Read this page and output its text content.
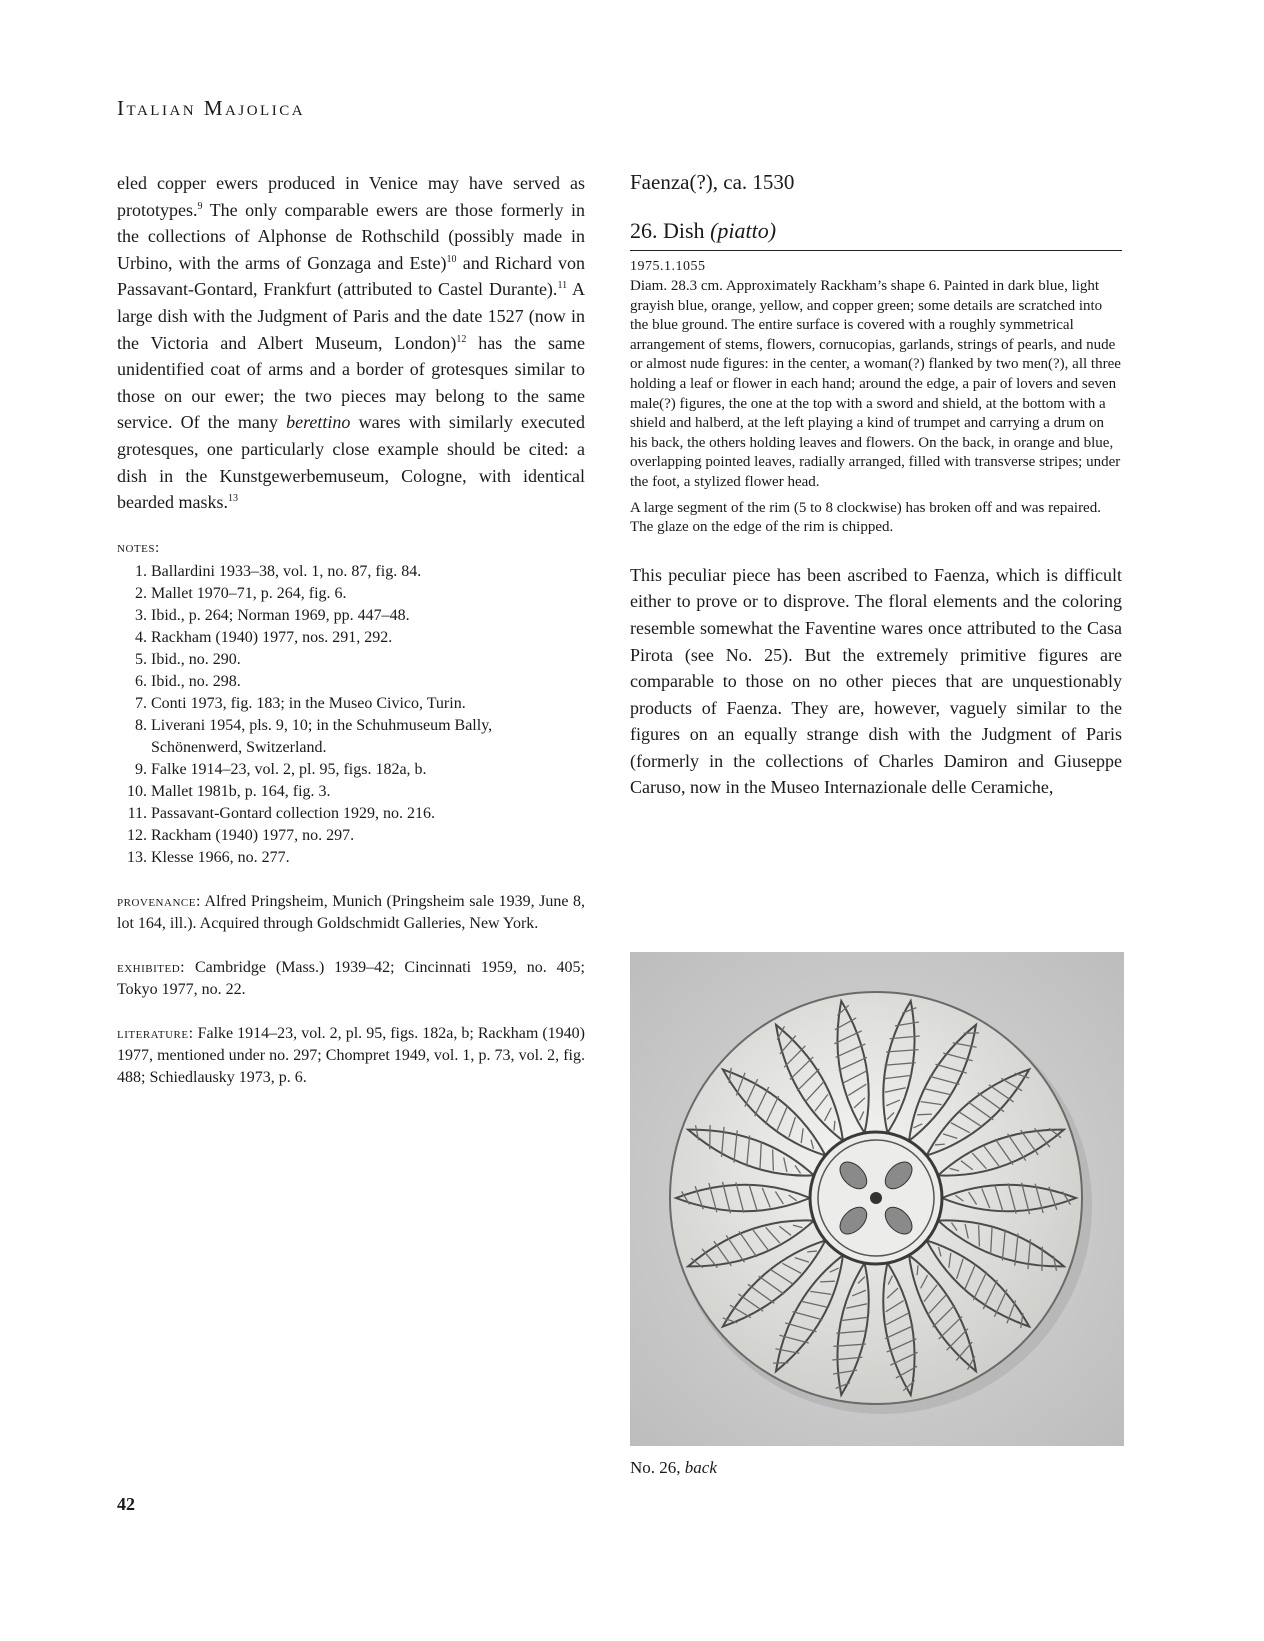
Italian Majolica
eled copper ewers produced in Venice may have served as prototypes.$^9$ The only comparable ewers are those formerly in the collections of Alphonse de Rothschild (possibly made in Urbino, with the arms of Gonzaga and Este)$^{10}$ and Richard von Passavant-Gontard, Frankfurt (attributed to Castel Durante).$^{11}$ A large dish with the Judgment of Paris and the date 1527 (now in the Victoria and Albert Museum, London)$^{12}$ has the same unidentified coat of arms and a border of grotesques similar to those on our ewer; the two pieces may belong to the same service. Of the many berettino wares with similarly executed grotesques, one particularly close example should be cited: a dish in the Kunstgewerbemuseum, Cologne, with identical bearded masks.$^{13}$
notes:
1. Ballardini 1933–38, vol. 1, no. 87, fig. 84.
2. Mallet 1970–71, p. 264, fig. 6.
3. Ibid., p. 264; Norman 1969, pp. 447–48.
4. Rackham (1940) 1977, nos. 291, 292.
5. Ibid., no. 290.
6. Ibid., no. 298.
7. Conti 1973, fig. 183; in the Museo Civico, Turin.
8. Liverani 1954, pls. 9, 10; in the Schuhmuseum Bally, Schönenwerd, Switzerland.
9. Falke 1914–23, vol. 2, pl. 95, figs. 182a, b.
10. Mallet 1981b, p. 164, fig. 3.
11. Passavant-Gontard collection 1929, no. 216.
12. Rackham (1940) 1977, no. 297.
13. Klesse 1966, no. 277.
provenance: Alfred Pringsheim, Munich (Pringsheim sale 1939, June 8, lot 164, ill.). Acquired through Goldschmidt Galleries, New York.
exhibited: Cambridge (Mass.) 1939–42; Cincinnati 1959, no. 405; Tokyo 1977, no. 22.
literature: Falke 1914–23, vol. 2, pl. 95, figs. 182a, b; Rackham (1940) 1977, mentioned under no. 297; Chompret 1949, vol. 1, p. 73, vol. 2, fig. 488; Schiedlausky 1973, p. 6.
Faenza(?), ca. 1530
26. Dish (piatto)
1975.1.1055

Diam. 28.3 cm. Approximately Rackham’s shape 6. Painted in dark blue, light grayish blue, orange, yellow, and copper green; some details are scratched into the blue ground. The entire surface is covered with a roughly symmetrical arrangement of stems, flowers, cornucopias, garlands, strings of pearls, and nude or almost nude figures: in the center, a woman(?) flanked by two men(?), all three holding a leaf or flower in each hand; around the edge, a pair of lovers and seven male(?) figures, the one at the top with a sword and shield, at the bottom with a shield and halberd, at the left playing a kind of trumpet and carrying a drum on his back, the others holding leaves and flowers. On the back, in orange and blue, overlapping pointed leaves, radially arranged, filled with transverse stripes; under the foot, a stylized flower head.

A large segment of the rim (5 to 8 clockwise) has broken off and was repaired. The glaze on the edge of the rim is chipped.

This peculiar piece has been ascribed to Faenza, which is difficult either to prove or to disprove. The floral elements and the coloring resemble somewhat the Faventine wares once attributed to the Casa Pirota (see No. 25). But the extremely primitive figures are comparable to those on no other pieces that are unquestionably products of Faenza. They are, however, vaguely similar to the figures on an equally strange dish with the Judgment of Paris (formerly in the collections of Charles Damiron and Giuseppe Caruso, now in the Museo Internazionale delle Ceramiche,
No. 26, back
42
